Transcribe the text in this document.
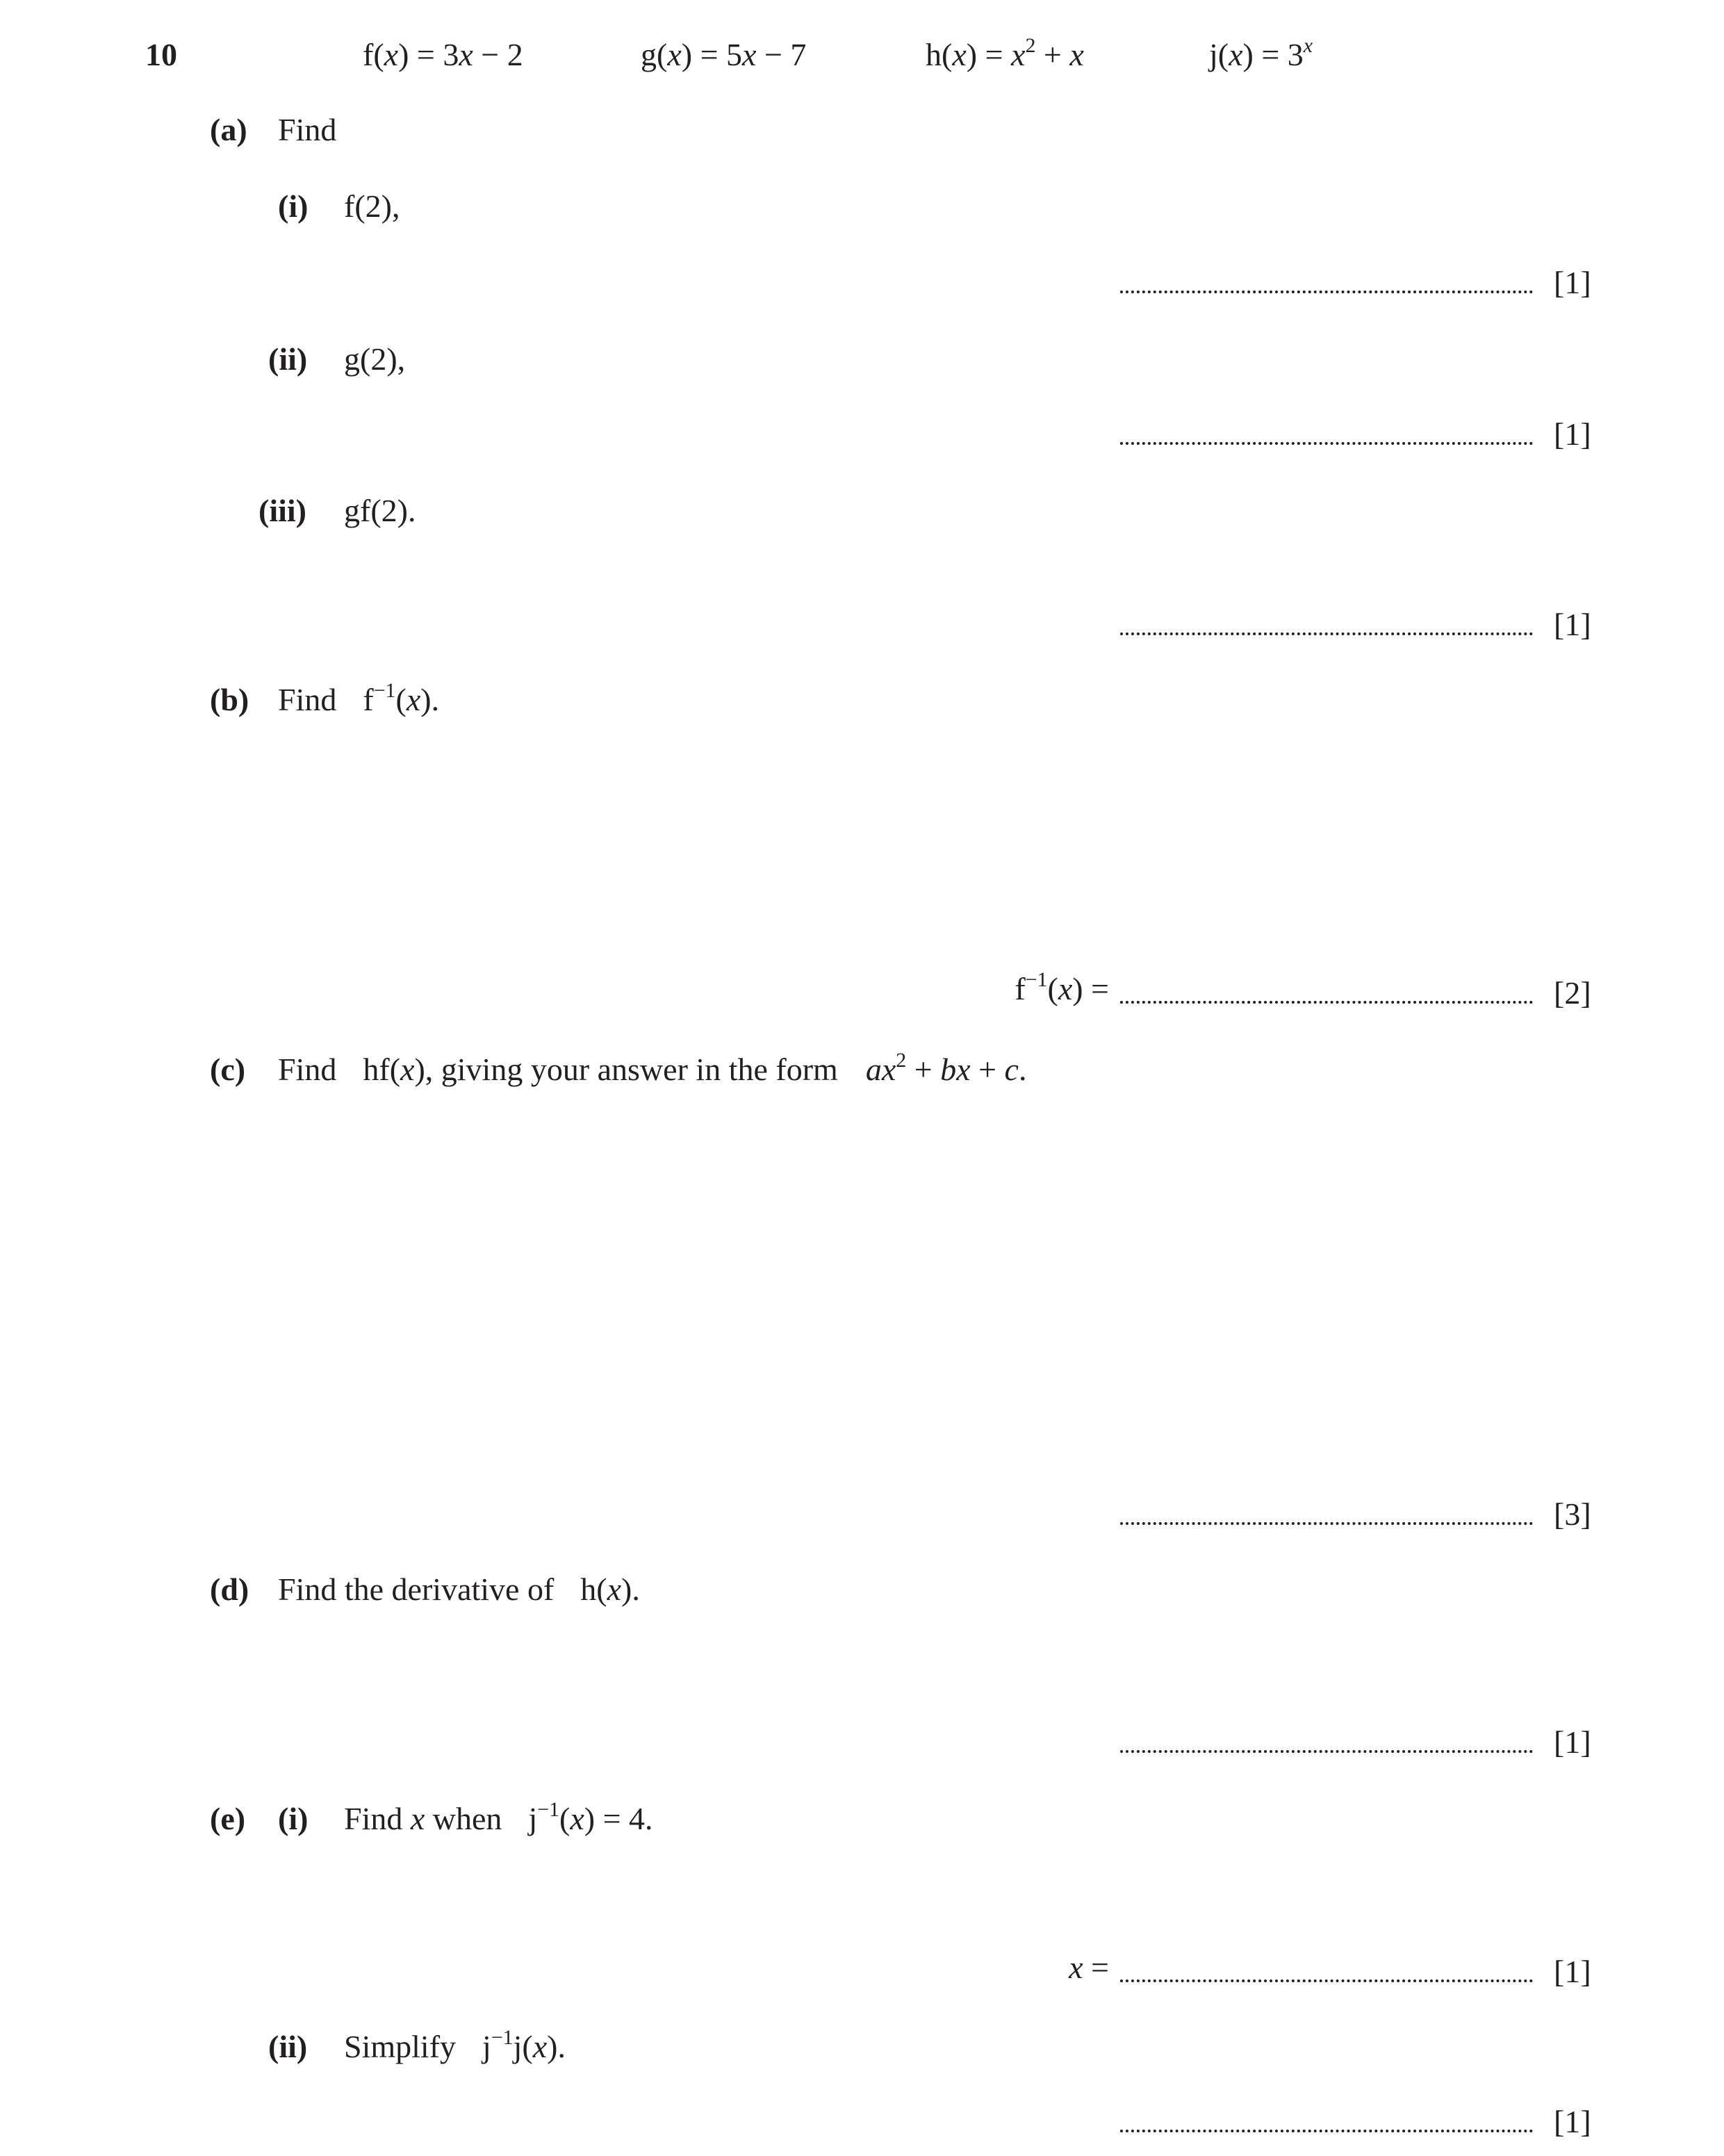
10	f(x) = 3x − 2	g(x) = 5x − 7	$h(x) = x^2 + x$	$j(x) = 3^x$
(a) Find
(i) f(2),
[1]
(ii) g(2),
[1]
(iii) gf(2).
[1]
(b) Find $f^{-1}(x)$.
$f^{-1}(x)$ =	[2]
(c) Find hf(x), giving your answer in the form $ax^2$ + bx + c.
[3]
(d) Find the derivative of h(x).
[1]
(e) (i) Find x when $j^{-1}(x) = 4$.
x =	[1]
(ii) Simplify $j^{-1}j(x)$.
[1]
